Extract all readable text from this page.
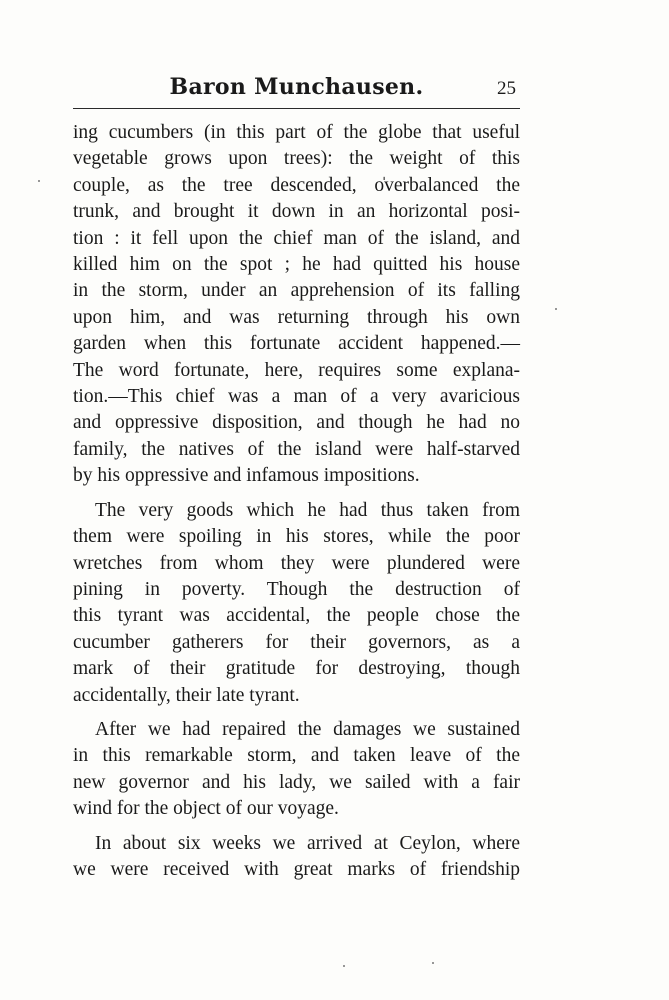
Baron Munchausen.	25
ing cucumbers (in this part of the globe that useful
vegetable grows upon trees): the weight of this
couple, as the tree descended, o̍verbalanced the
trunk, and brought it down in an horizontal posi-
tion : it fell upon the chief man of the island, and
killed him on the spot ; he had quitted his house
in the storm, under an apprehension of its falling
upon him, and was returning through his own
garden when this fortunate accident happened.—
The word fortunate, here, requires some explana-
tion.—This chief was a man of a very avaricious
and oppressive disposition, and though he had no
family, the natives of the island were half-starved
by his oppressive and infamous impositions.
The very goods which he had thus taken from
them were spoiling in his stores, while the poor
wretches from whom they were plundered were
pining in poverty. Though the destruction of
this tyrant was accidental, the people chose the
cucumber gatherers for their governors, as a
mark of their gratitude for destroying, though
accidentally, their late tyrant.
After we had repaired the damages we sustained
in this remarkable storm, and taken leave of the
new governor and his lady, we sailed with a fair
wind for the object of our voyage.
In about six weeks we arrived at Ceylon, where
we were received with great marks of friendship
